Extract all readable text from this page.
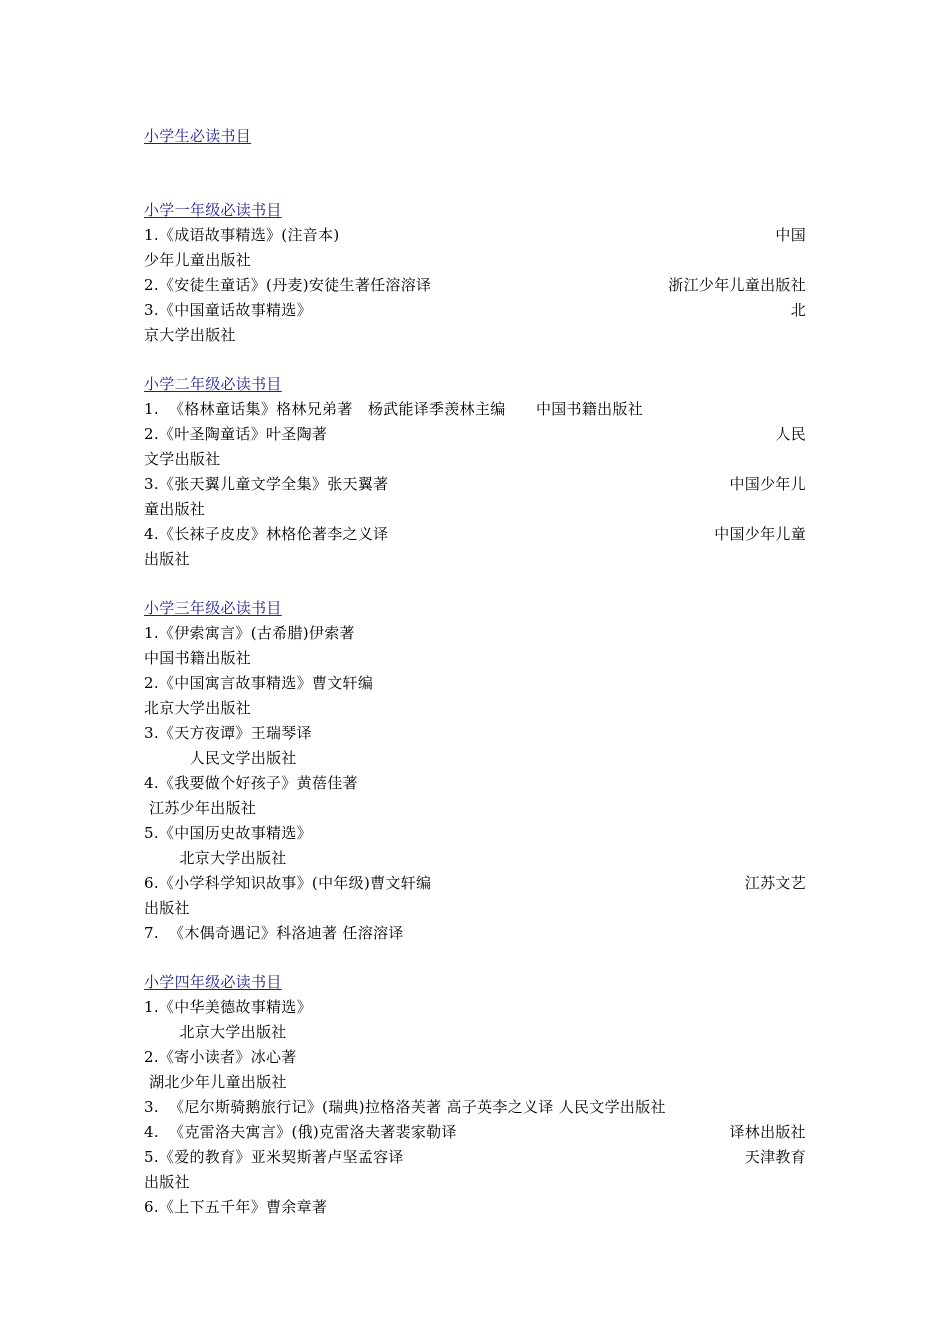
小学生必读书目
小学一年级必读书目
1.《成语故事精选》(注音本)	中国
少年儿童出版社
2.《安徒生童话》(丹麦)安徒生著任溶溶译	浙江少年儿童出版社
3.《中国童话故事精选》	北
京大学出版社
小学二年级必读书目
1.  《格林童话集》格林兄弟著   杨武能译季羡林主编      中国书籍出版社
2.《叶圣陶童话》叶圣陶著	人民
文学出版社
3.《张天翼儿童文学全集》张天翼著	中国少年儿
童出版社
4.《长袜子皮皮》林格伦著李之义译	中国少年儿童
出版社
小学三年级必读书目
1.《伊索寓言》(古希腊)伊索著
中国书籍出版社
2.《中国寓言故事精选》曹文轩编
北京大学出版社
3.《天方夜谭》王瑞琴译
人民文学出版社
4.《我要做个好孩子》黄蓓佳著
江苏少年出版社
5.《中国历史故事精选》
北京大学出版社
6.《小学科学知识故事》(中年级)曹文轩编	江苏文艺
出版社
7.  《木偶奇遇记》科洛迪著 任溶溶译
小学四年级必读书目
1.《中华美德故事精选》
北京大学出版社
2.《寄小读者》冰心著
湖北少年儿童出版社
3.  《尼尔斯骑鹅旅行记》(瑞典)拉格洛芙著 高子英李之义译 人民文学出版社
4.  《克雷洛夫寓言》(俄)克雷洛夫著裴家勒译	译林出版社
5.《爱的教育》亚米契斯著卢坚孟容译	天津教育
出版社
6.《上下五千年》曹余章著
